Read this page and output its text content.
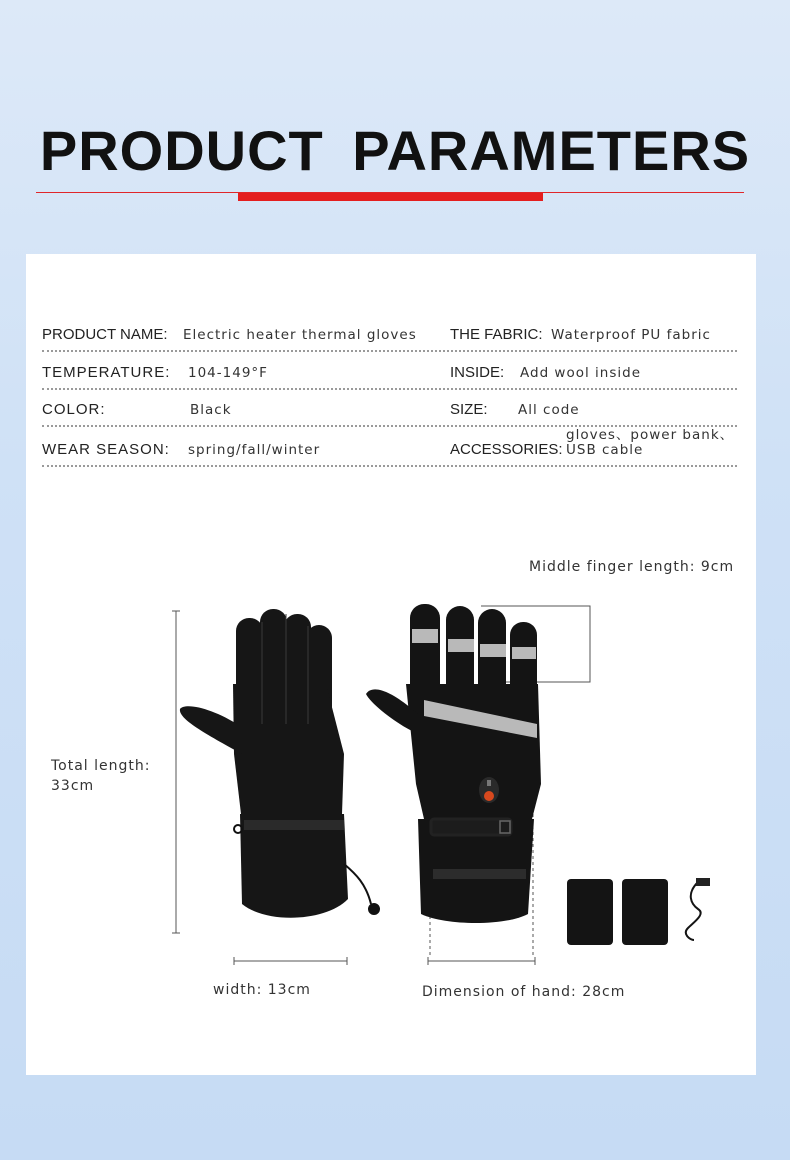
PRODUCT PARAMETERS
PRODUCT NAME: Electric heater thermal gloves THE FABRIC: Waterproof PU fabric
TEMPERATURE: 104-149°F	INSIDE: Add wool inside
COLOR:	Black	SIZE: All code
WEAR SEASON: spring/fall/winter	ACCESSORIES:
gloves、power bank、
USB cable
Middle finger length: 9cm
Total length:
33cm
width: 13cm	Dimension of hand: 28cm
